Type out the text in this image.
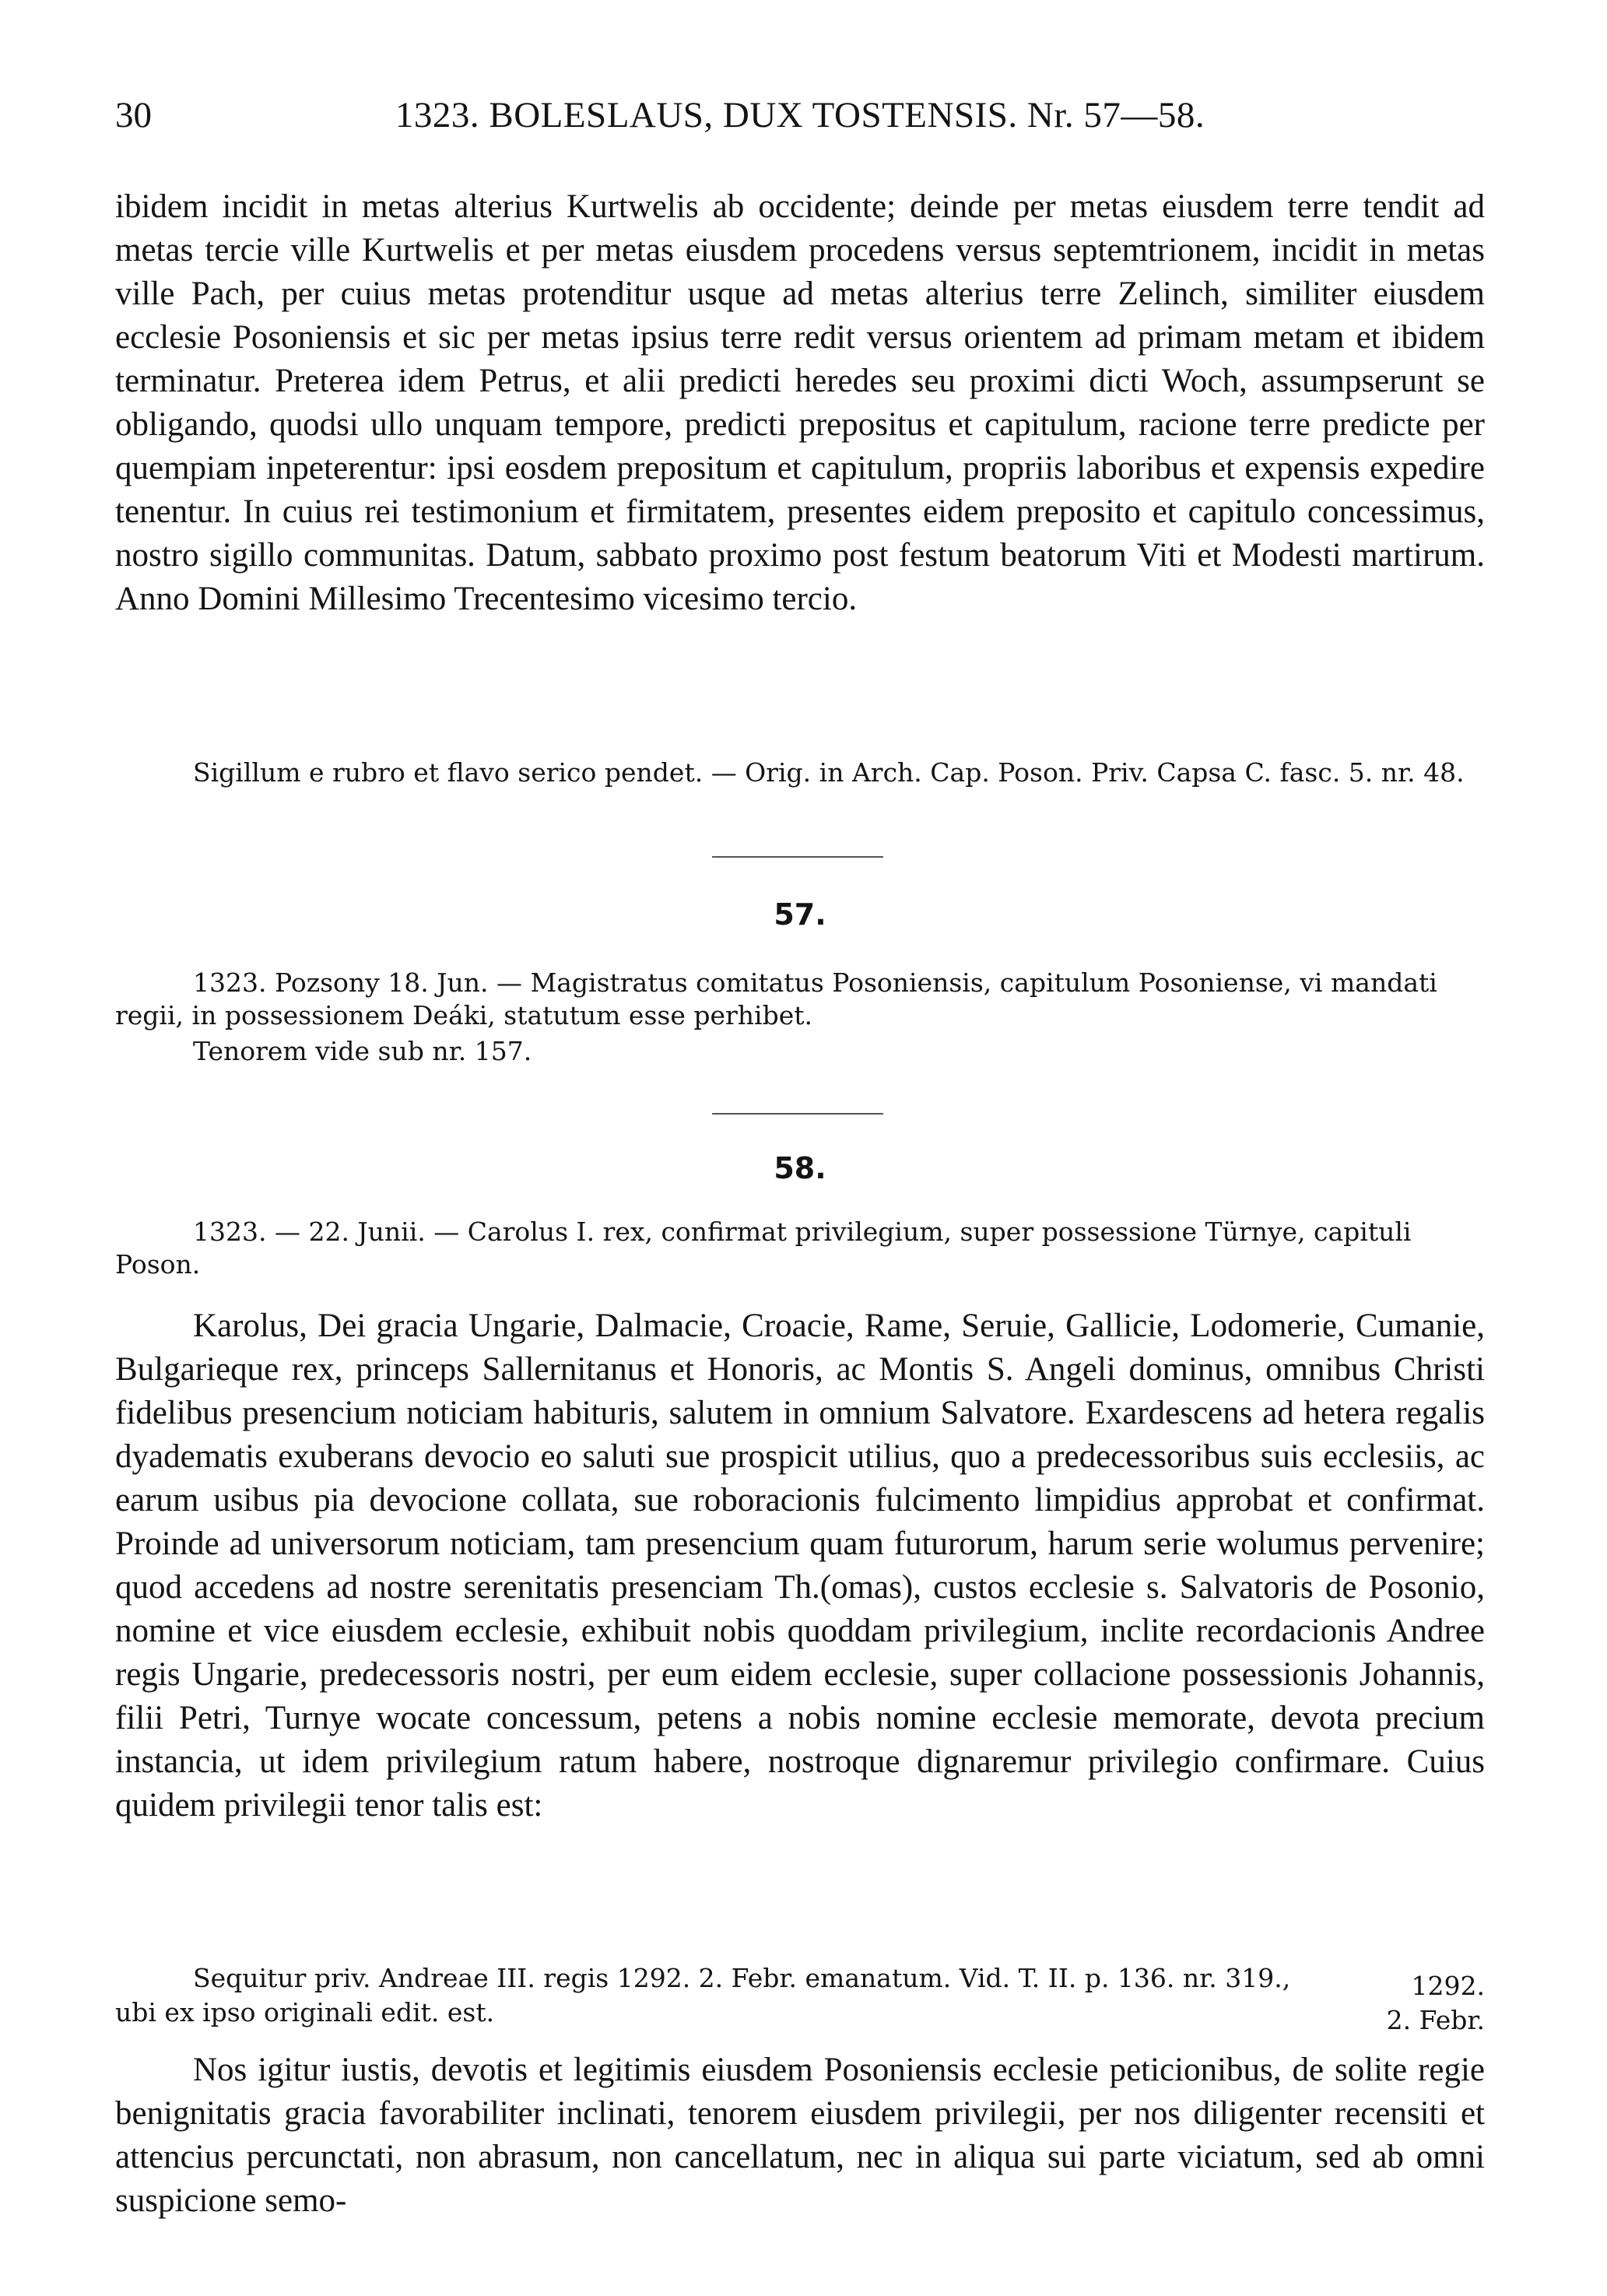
30	1323. BOLESLAUS, DUX TOSTENSIS. Nr. 57—58.

ibidem incidit in metas alterius Kurtwelis ab occidente; deinde per metas eiusdem terre tendit ad metas tercie ville Kurtwelis et per metas eiusdem procedens versus septemtrionem, incidit in metas ville Pach, per cuius metas protenditur usque ad metas alterius terre Zelinch, similiter eiusdem ecclesie Posoniensis et sic per metas ipsius terre redit versus orientem ad primam metam et ibidem terminatur. Preterea idem Petrus, et alii predicti heredes seu proximi dicti Woch, assumpserunt se obligando, quodsi ullo unquam tempore, predicti prepositus et capitulum, racione terre predicte per quempiam inpeterentur: ipsi eosdem prepositum et capitulum, propriis laboribus et expensis expedire tenentur. In cuius rei testimonium et firmitatem, presentes eidem preposito et capitulo concessimus, nostro sigillo communitas. Datum, sabbato proximo post festum beatorum Viti et Modesti martirum. Anno Domini Millesimo Trecentesimo vicesimo tercio.

Sigillum e rubro et flavo serico pendet. — Orig. in Arch. Cap. Poson. Priv. Capsa C. fasc. 5. nr. 48.

57.

1323. Pozsony 18. Jun. — Magistratus comitatus Posoniensis, capitulum Posoniense, vi mandati regii, in possessionem Deáki, statutum esse perhibet.

Tenorem vide sub nr. 157.

58.

1323. — 22. Junii. — Carolus I. rex, confirmat privilegium, super possessione Türnye, capituli Poson.

Karolus, Dei gracia Ungarie, Dalmacie, Croacie, Rame, Seruie, Gallicie, Lodomerie, Cumanie, Bulgarieque rex, princeps Sallernitanus et Honoris, ac Montis S. Angeli dominus, omnibus Christi fidelibus presencium noticiam habituris, salutem in omnium Salvatore. Exardescens ad hetera regalis dyadematis exuberans devocio eo saluti sue prospicit utilius, quo a predecessoribus suis ecclesiis, ac earum usibus pia devocione collata, sue roboracionis fulcimento limpidius approbat et confirmat. Proinde ad universorum noticiam, tam presencium quam futurorum, harum serie wolumus pervenire; quod accedens ad nostre serenitatis presenciam Th.(omas), custos ecclesie s. Salvatoris de Posonio, nomine et vice eiusdem ecclesie, exhibuit nobis quoddam privilegium, inclite recordacionis Andree regis Ungarie, predecessoris nostri, per eum eidem ecclesie, super collacione possessionis Johannis, filii Petri, Turnye wocate concessum, petens a nobis nomine ecclesie memorate, devota precium instancia, ut idem privilegium ratum habere, nostroque dignaremur privilegio confirmare. Cuius quidem privilegii tenor talis est:

Sequitur priv. Andreae III. regis 1292. 2. Febr. emanatum. Vid. T. II. p. 136. nr. 319., ubi ex ipso originali edit. est.
1292.
2. Febr.

Nos igitur iustis, devotis et legitimis eiusdem Posoniensis ecclesie peticionibus, de solite regie benignitatis gracia favorabiliter inclinati, tenorem eiusdem privilegii, per nos diligenter recensiti et attencius percunctati, non abrasum, non cancellatum, nec in aliqua sui parte viciatum, sed ab omni suspicione semo-
